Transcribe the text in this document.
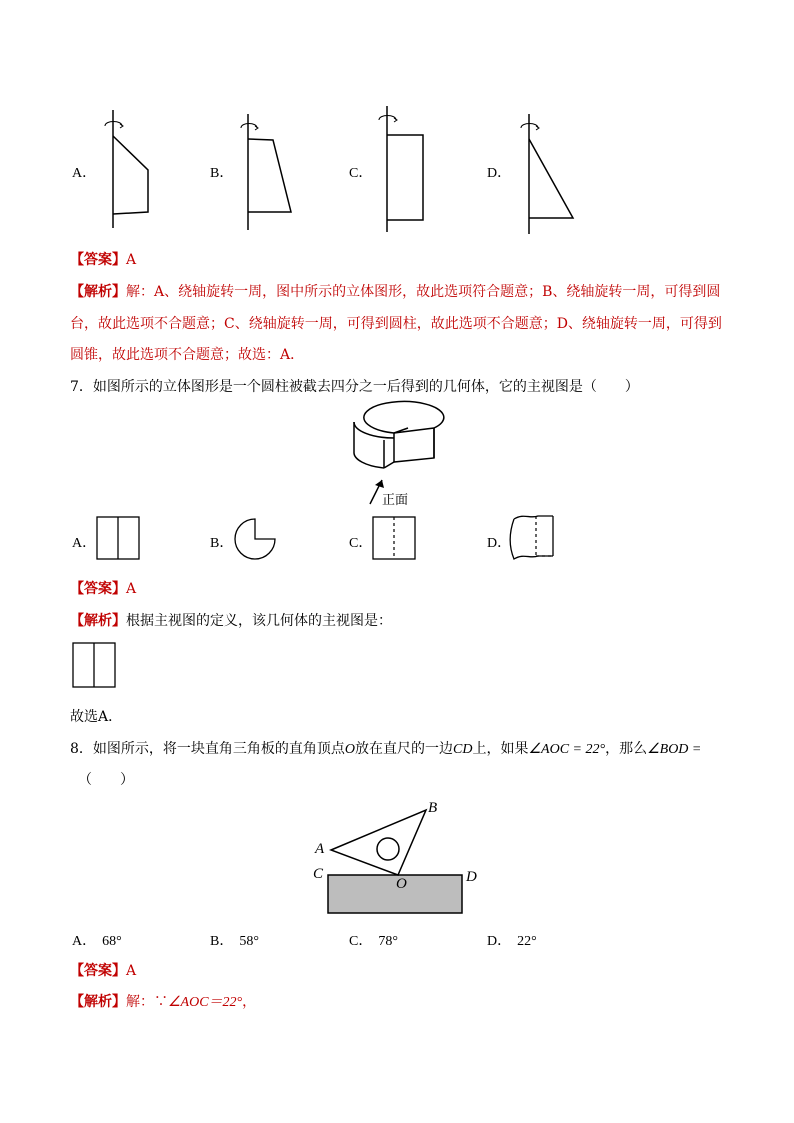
A．	B．	C．	D．
【答案】A
【解析】解：A、绕轴旋转一周，图中所示的立体图形，故此选项符合题意；B、绕轴旋转一周，可得到圆
台，故此选项不合题意；C、绕轴旋转一周，可得到圆柱，故此选项不合题意；D、绕轴旋转一周，可得到
圆锥，故此选项不合题意；故选：A．
7．如图所示的立体图形是一个圆柱被截去四分之一后得到的几何体，它的主视图是（　　）
正面
A．	B．	C．	D．
【答案】A
【解析】根据主视图的定义，该几何体的主视图是：
故选A．
8．如图所示，将一块直角三角板的直角顶点O放在直尺的一边CD上，如果∠AOC = 22°，那么∠BOD =
（　　）
A
B
C	D
O
A． 68°	B． 58°	C． 78°	D． 22°
【答案】A
【解析】解：∵∠AOC＝22°，
